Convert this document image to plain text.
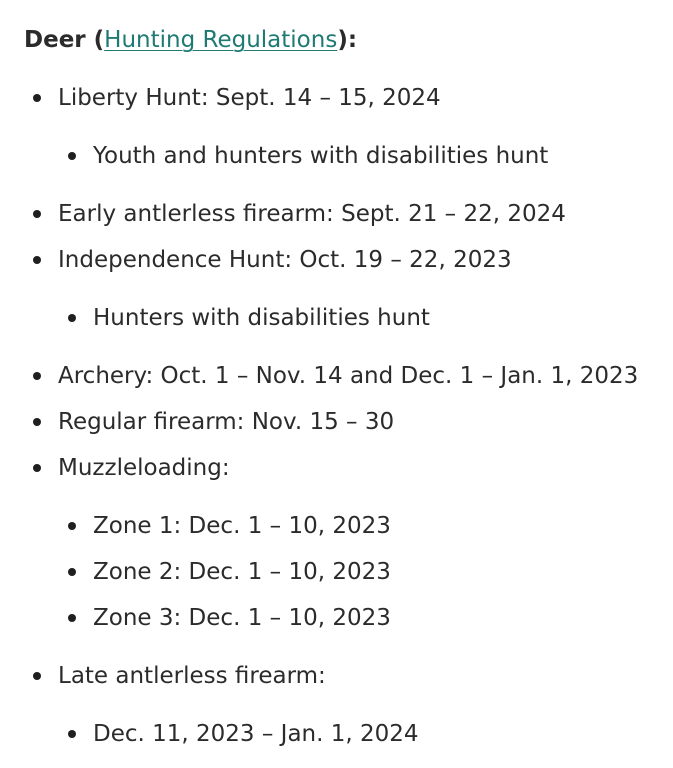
Deer (Hunting Regulations):

Liberty Hunt: Sept. 14 – 15, 2024
Youth and hunters with disabilities hunt
Early antlerless firearm: Sept. 21 – 22, 2024
Independence Hunt: Oct. 19 – 22, 2023
Hunters with disabilities hunt
Archery: Oct. 1 – Nov. 14 and Dec. 1 – Jan. 1, 2023
Regular firearm: Nov. 15 – 30
Muzzleloading:
Zone 1: Dec. 1 – 10, 2023
Zone 2: Dec. 1 – 10, 2023
Zone 3: Dec. 1 – 10, 2023
Late antlerless firearm:
Dec. 11, 2023 – Jan. 1, 2024
